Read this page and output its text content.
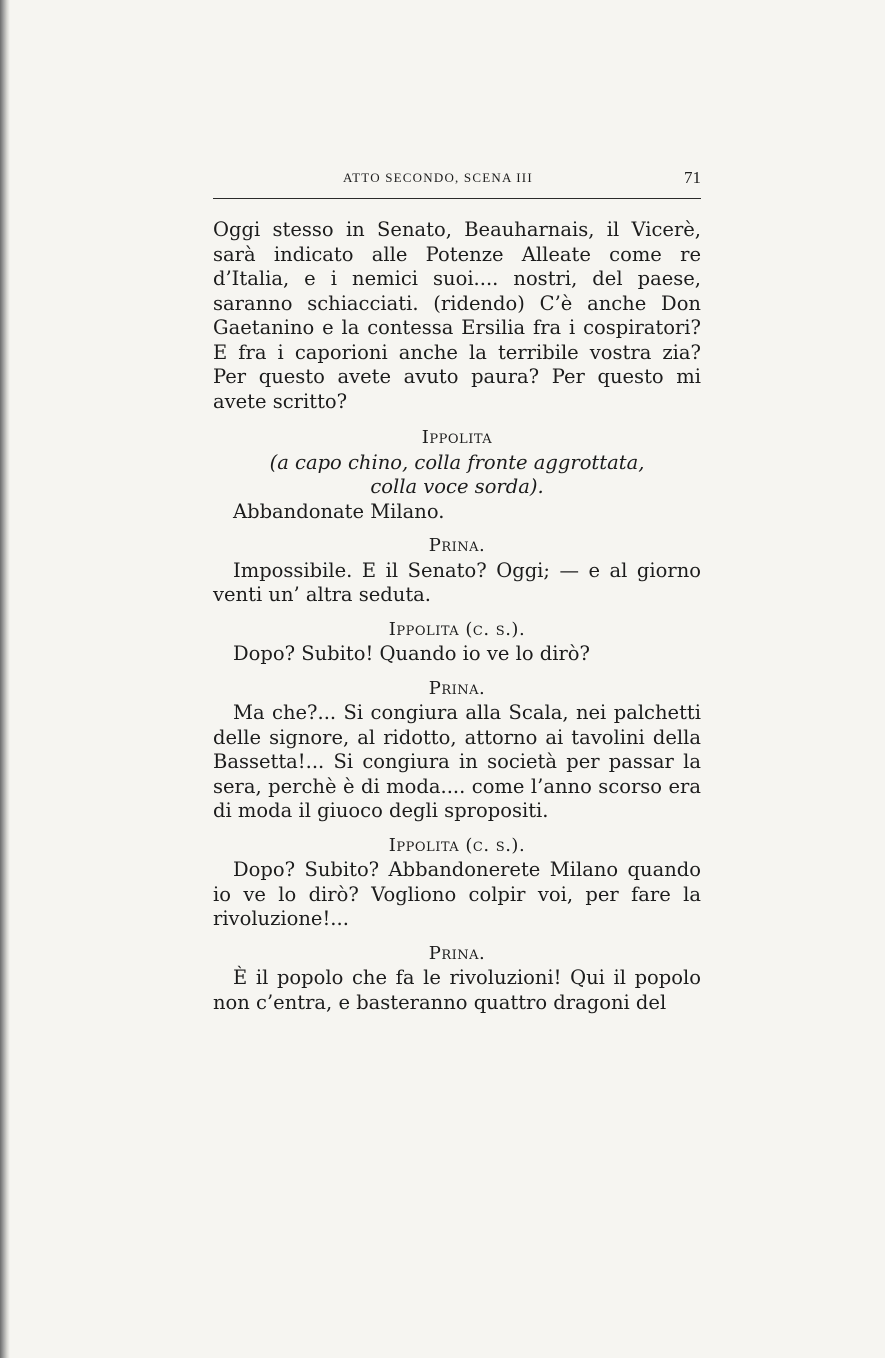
ATTO SECONDO, SCENA III	71

Oggi stesso in Senato, Beauharnais, il Vicerè, sarà indicato alle Potenze Alleate come re d’Italia, e i nemici suoi.... nostri, del paese, saranno schiacciati. (ridendo) C’è anche Don Gaetanino e la contessa Ersilia fra i cospiratori? E fra i caporioni anche la terribile vostra zia? Per questo avete avuto paura? Per questo mi avete scritto?

Ippolita

(a capo chino, colla fronte aggrottata,

colla voce sorda).

Abbandonate Milano.

Prina.

Impossibile. E il Senato? Oggi; — e al giorno venti un’ altra seduta.

Ippolita (c. s.).

Dopo? Subito! Quando io ve lo dirò?

Prina.

Ma che?... Si congiura alla Scala, nei palchetti delle signore, al ridotto, attorno ai tavolini della Bassetta!... Si congiura in società per passar la sera, perchè è di moda.... come l’anno scorso era di moda il giuoco degli spropositi.

Ippolita (c. s.).

Dopo? Subito? Abbandonerete Milano quando io ve lo dirò? Vogliono colpir voi, per fare la rivoluzione!...

Prina.

È il popolo che fa le rivoluzioni! Qui il popolo non c’entra, e basteranno quattro dragoni del
